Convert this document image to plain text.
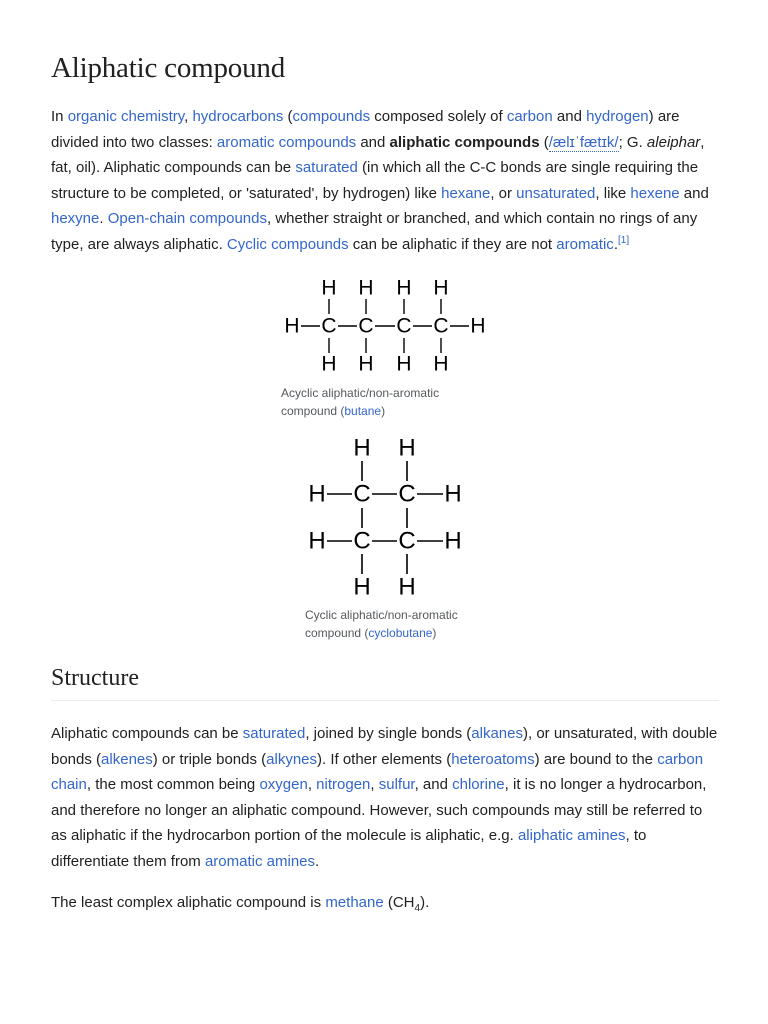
Aliphatic compound

In organic chemistry, hydrocarbons (compounds composed solely of carbon and hydrogen) are divided into two classes: aromatic compounds and aliphatic compounds (/ælɪˈfætɪk/; G. aleiphar, fat, oil). Aliphatic compounds can be saturated (in which all the C-C bonds are single requiring the structure to be completed, or 'saturated', by hydrogen) like hexane, or unsaturated, like hexene and hexyne. Open-chain compounds, whether straight or branched, and which contain no rings of any type, are always aliphatic. Cyclic compounds can be aliphatic if they are not aromatic.[1]

H H H H
H C C C C H
H H H H

Acyclic aliphatic/non-aromatic compound (butane)

H H
H C C H
H C C H
H H

Cyclic aliphatic/non-aromatic compound (cyclobutane)

Structure

Aliphatic compounds can be saturated, joined by single bonds (alkanes), or unsaturated, with double bonds (alkenes) or triple bonds (alkynes). If other elements (heteroatoms) are bound to the carbon chain, the most common being oxygen, nitrogen, sulfur, and chlorine, it is no longer a hydrocarbon, and therefore no longer an aliphatic compound. However, such compounds may still be referred to as aliphatic if the hydrocarbon portion of the molecule is aliphatic, e.g. aliphatic amines, to differentiate them from aromatic amines.

The least complex aliphatic compound is methane $(CH_4)$.
